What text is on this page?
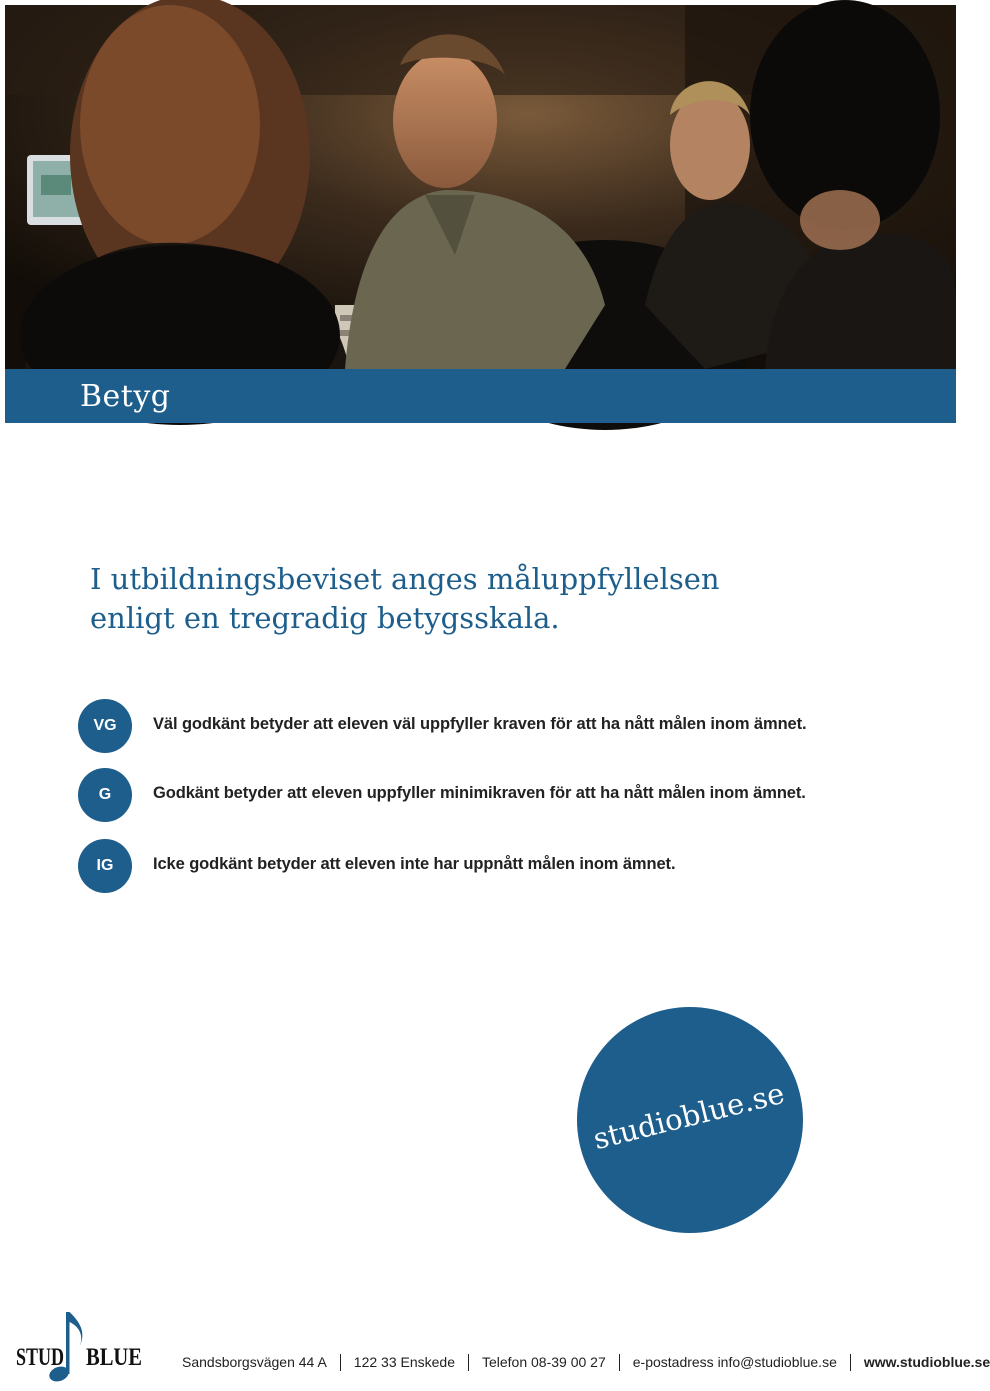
Betyg
I utbildningsbeviset anges måluppfyllelsen
enligt en tregradig betygsskala.
VG	Väl godkänt betyder att eleven väl uppfyller kraven för att ha nått målen inom ämnet.
G	Godkänt betyder att eleven uppfyller minimikraven för att ha nått målen inom ämnet.
IG	Icke godkänt betyder att eleven inte har uppnått målen inom ämnet.
studioblue.se
STUD BLUE	Sandsborgsvägen 44 A 122 33 Enskede Telefon 08-39 00 27 e-postadress info@studioblue.se www.studioblue.se
